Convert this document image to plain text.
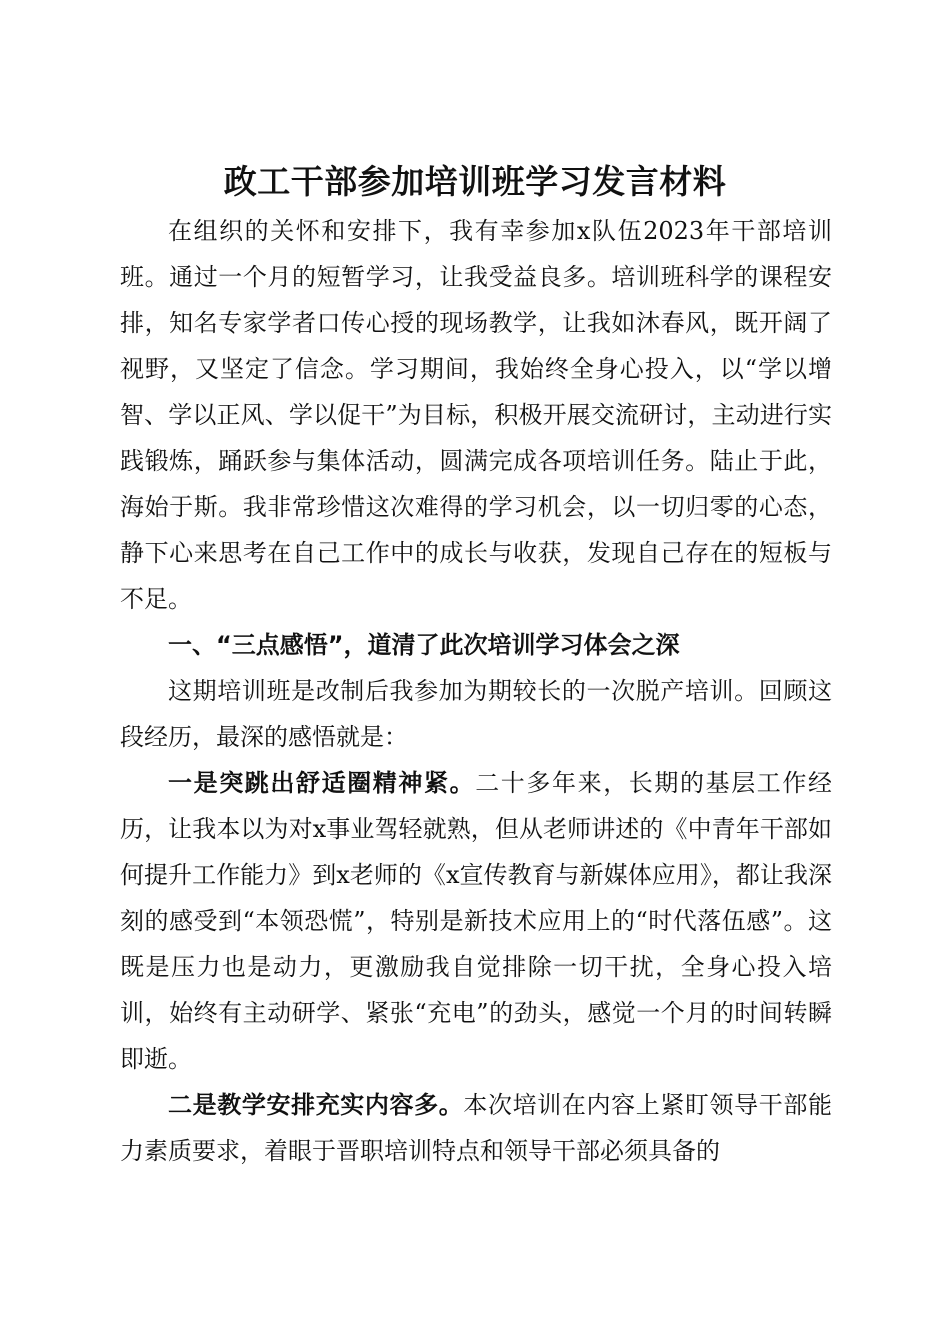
政工干部参加培训班学习发言材料

在组织的关怀和安排下，我有幸参加x队伍2023年干部培训班。通过一个月的短暂学习，让我受益良多。培训班科学的课程安排，知名专家学者口传心授的现场教学，让我如沐春风，既开阔了视野，又坚定了信念。学习期间，我始终全身心投入，以“学以增智、学以正风、学以促干”为目标，积极开展交流研讨，主动进行实践锻炼，踊跃参与集体活动，圆满完成各项培训任务。陆止于此，海始于斯。我非常珍惜这次难得的学习机会，以一切归零的心态，静下心来思考在自己工作中的成长与收获，发现自己存在的短板与不足。

一、“三点感悟”，道清了此次培训学习体会之深

这期培训班是改制后我参加为期较长的一次脱产培训。回顾这段经历，最深的感悟就是：

一是突跳出舒适圈精神紧。二十多年来，长期的基层工作经历，让我本以为对x事业驾轻就熟，但从老师讲述的《中青年干部如何提升工作能力》到x老师的《x宣传教育与新媒体应用》，都让我深刻的感受到“本领恐慌”，特别是新技术应用上的“时代落伍感”。这既是压力也是动力，更激励我自觉排除一切干扰，全身心投入培训，始终有主动研学、紧张“充电”的劲头，感觉一个月的时间转瞬即逝。

二是教学安排充实内容多。本次培训在内容上紧盯领导干部能力素质要求，着眼于晋职培训特点和领导干部必须具备的
